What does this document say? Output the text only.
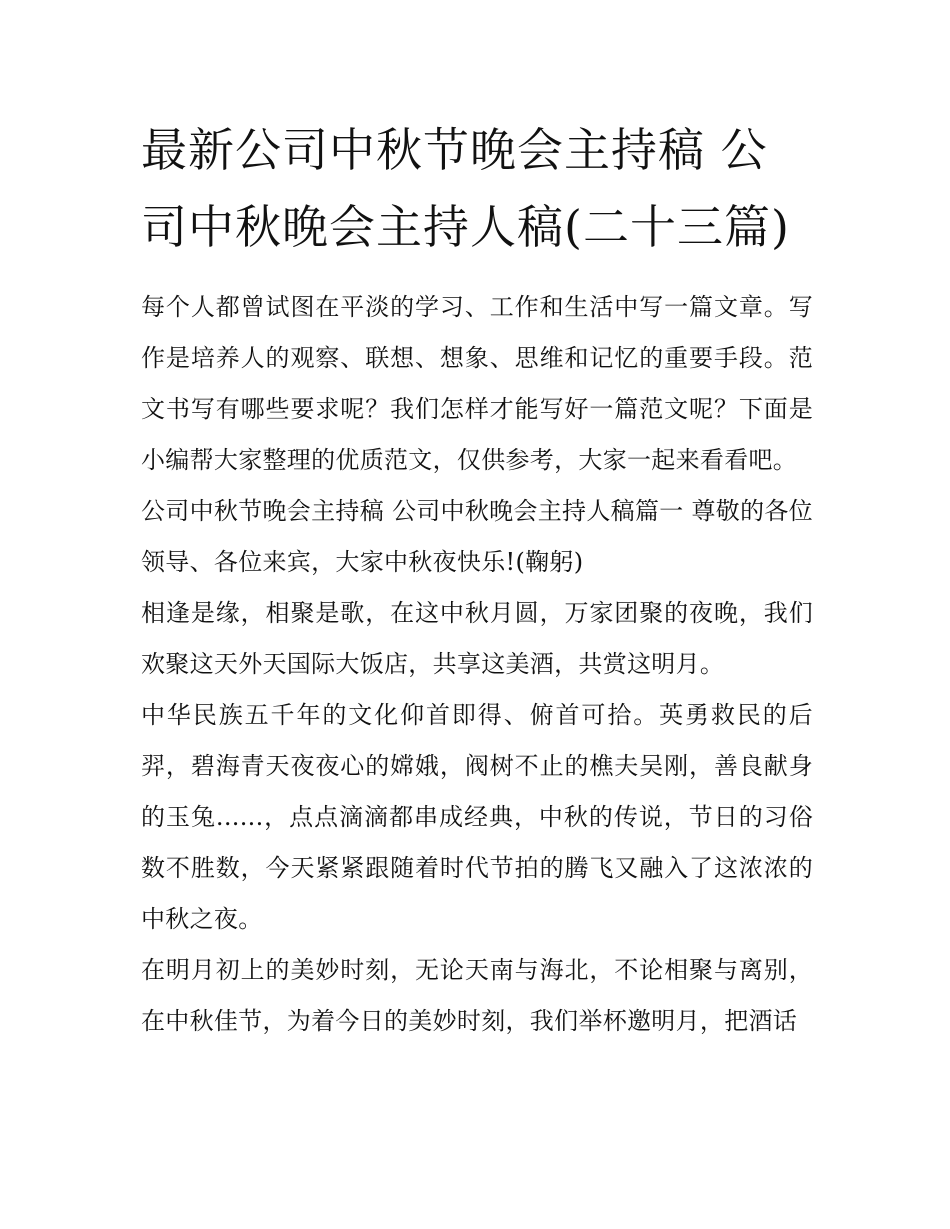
最新公司中秋节晚会主持稿 公司中秋晚会主持人稿(二十三篇)

每个人都曾试图在平淡的学习、工作和生活中写一篇文章。写作是培养人的观察、联想、想象、思维和记忆的重要手段。范文书写有哪些要求呢？我们怎样才能写好一篇范文呢？下面是小编帮大家整理的优质范文，仅供参考，大家一起来看看吧。

公司中秋节晚会主持稿 公司中秋晚会主持人稿篇一 尊敬的各位领导、各位来宾，大家中秋夜快乐!(鞠躬)

相逢是缘，相聚是歌，在这中秋月圆，万家团聚的夜晚，我们欢聚这天外天国际大饭店，共享这美酒，共赏这明月。

中华民族五千年的文化仰首即得、俯首可拾。英勇救民的后羿，碧海青天夜夜心的嫦娥，阀树不止的樵夫吴刚，善良献身的玉兔......，点点滴滴都串成经典，中秋的传说，节日的习俗数不胜数，今天紧紧跟随着时代节拍的腾飞又融入了这浓浓的中秋之夜。

在明月初上的美妙时刻，无论天南与海北，不论相聚与离别，在中秋佳节，为着今日的美妙时刻，我们举杯邀明月，把酒话
